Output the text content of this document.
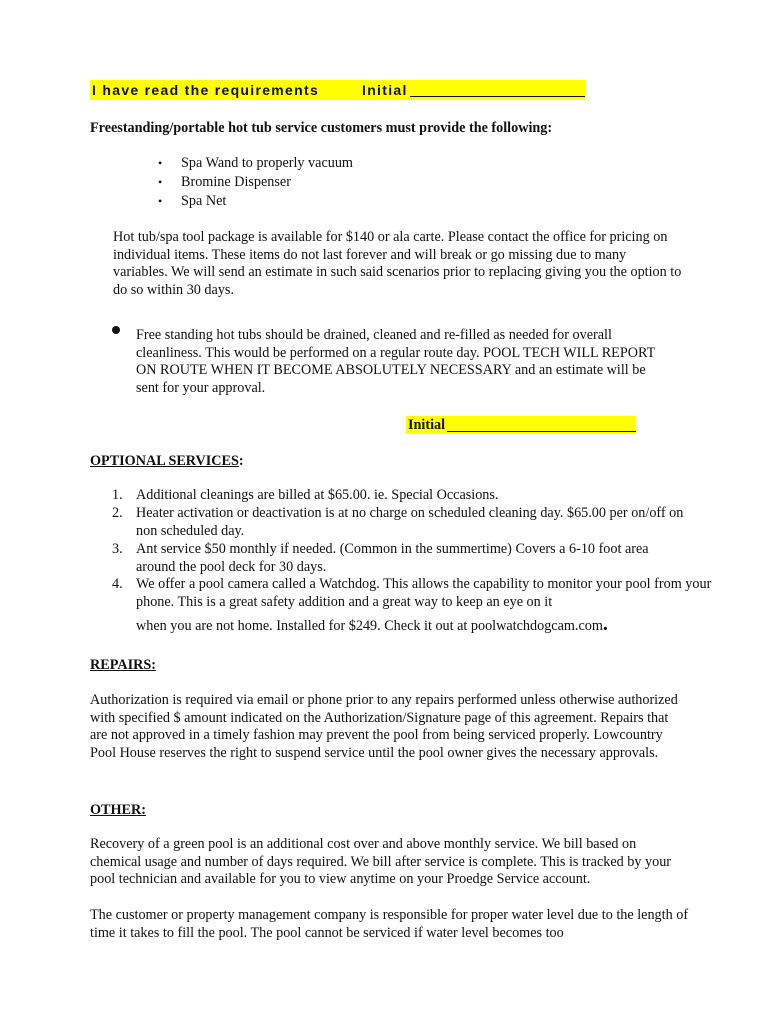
I have read the requirements	Initial
Freestanding/portable hot tub service customers must provide the following:
• Spa Wand to properly vacuum
• Bromine Dispenser
• Spa Net
Hot tub/spa tool package is available for $140 or ala carte. Please contact the office for pricing on individual items. These items do not last forever and will break or go missing due to many variables. We will send an estimate in such said scenarios prior to replacing giving you the option to do so within 30 days.
Free standing hot tubs should be drained, cleaned and re-filled as needed for overall cleanliness. This would be performed on a regular route day. POOL TECH WILL REPORT ON ROUTE WHEN IT BECOME ABSOLUTELY NECESSARY and an estimate will be sent for your approval.
Initial
OPTIONAL SERVICES:
1. Additional cleanings are billed at $65.00. ie. Special Occasions.
2. Heater activation or deactivation is at no charge on scheduled cleaning day. $65.00 per on/off on non scheduled day.
3. Ant service $50 monthly if needed. (Common in the summertime) Covers a 6-10 foot area around the pool deck for 30 days.
4. We offer a pool camera called a Watchdog. This allows the capability to monitor your pool from your phone. This is a great safety addition and a great way to keep an eye on it
when you are not home. Installed for $249. Check it out at poolwatchdogcam.com.
REPAIRS:
Authorization is required via email or phone prior to any repairs performed unless otherwise authorized with specified $ amount indicated on the Authorization/Signature page of this agreement. Repairs that are not approved in a timely fashion may prevent the pool from being serviced properly. Lowcountry Pool House reserves the right to suspend service until the pool owner gives the necessary approvals.
OTHER:
Recovery of a green pool is an additional cost over and above monthly service. We bill based on chemical usage and number of days required. We bill after service is complete. This is tracked by your pool technician and available for you to view anytime on your Proedge Service account.
The customer or property management company is responsible for proper water level due to the length of time it takes to fill the pool. The pool cannot be serviced if water level becomes too
